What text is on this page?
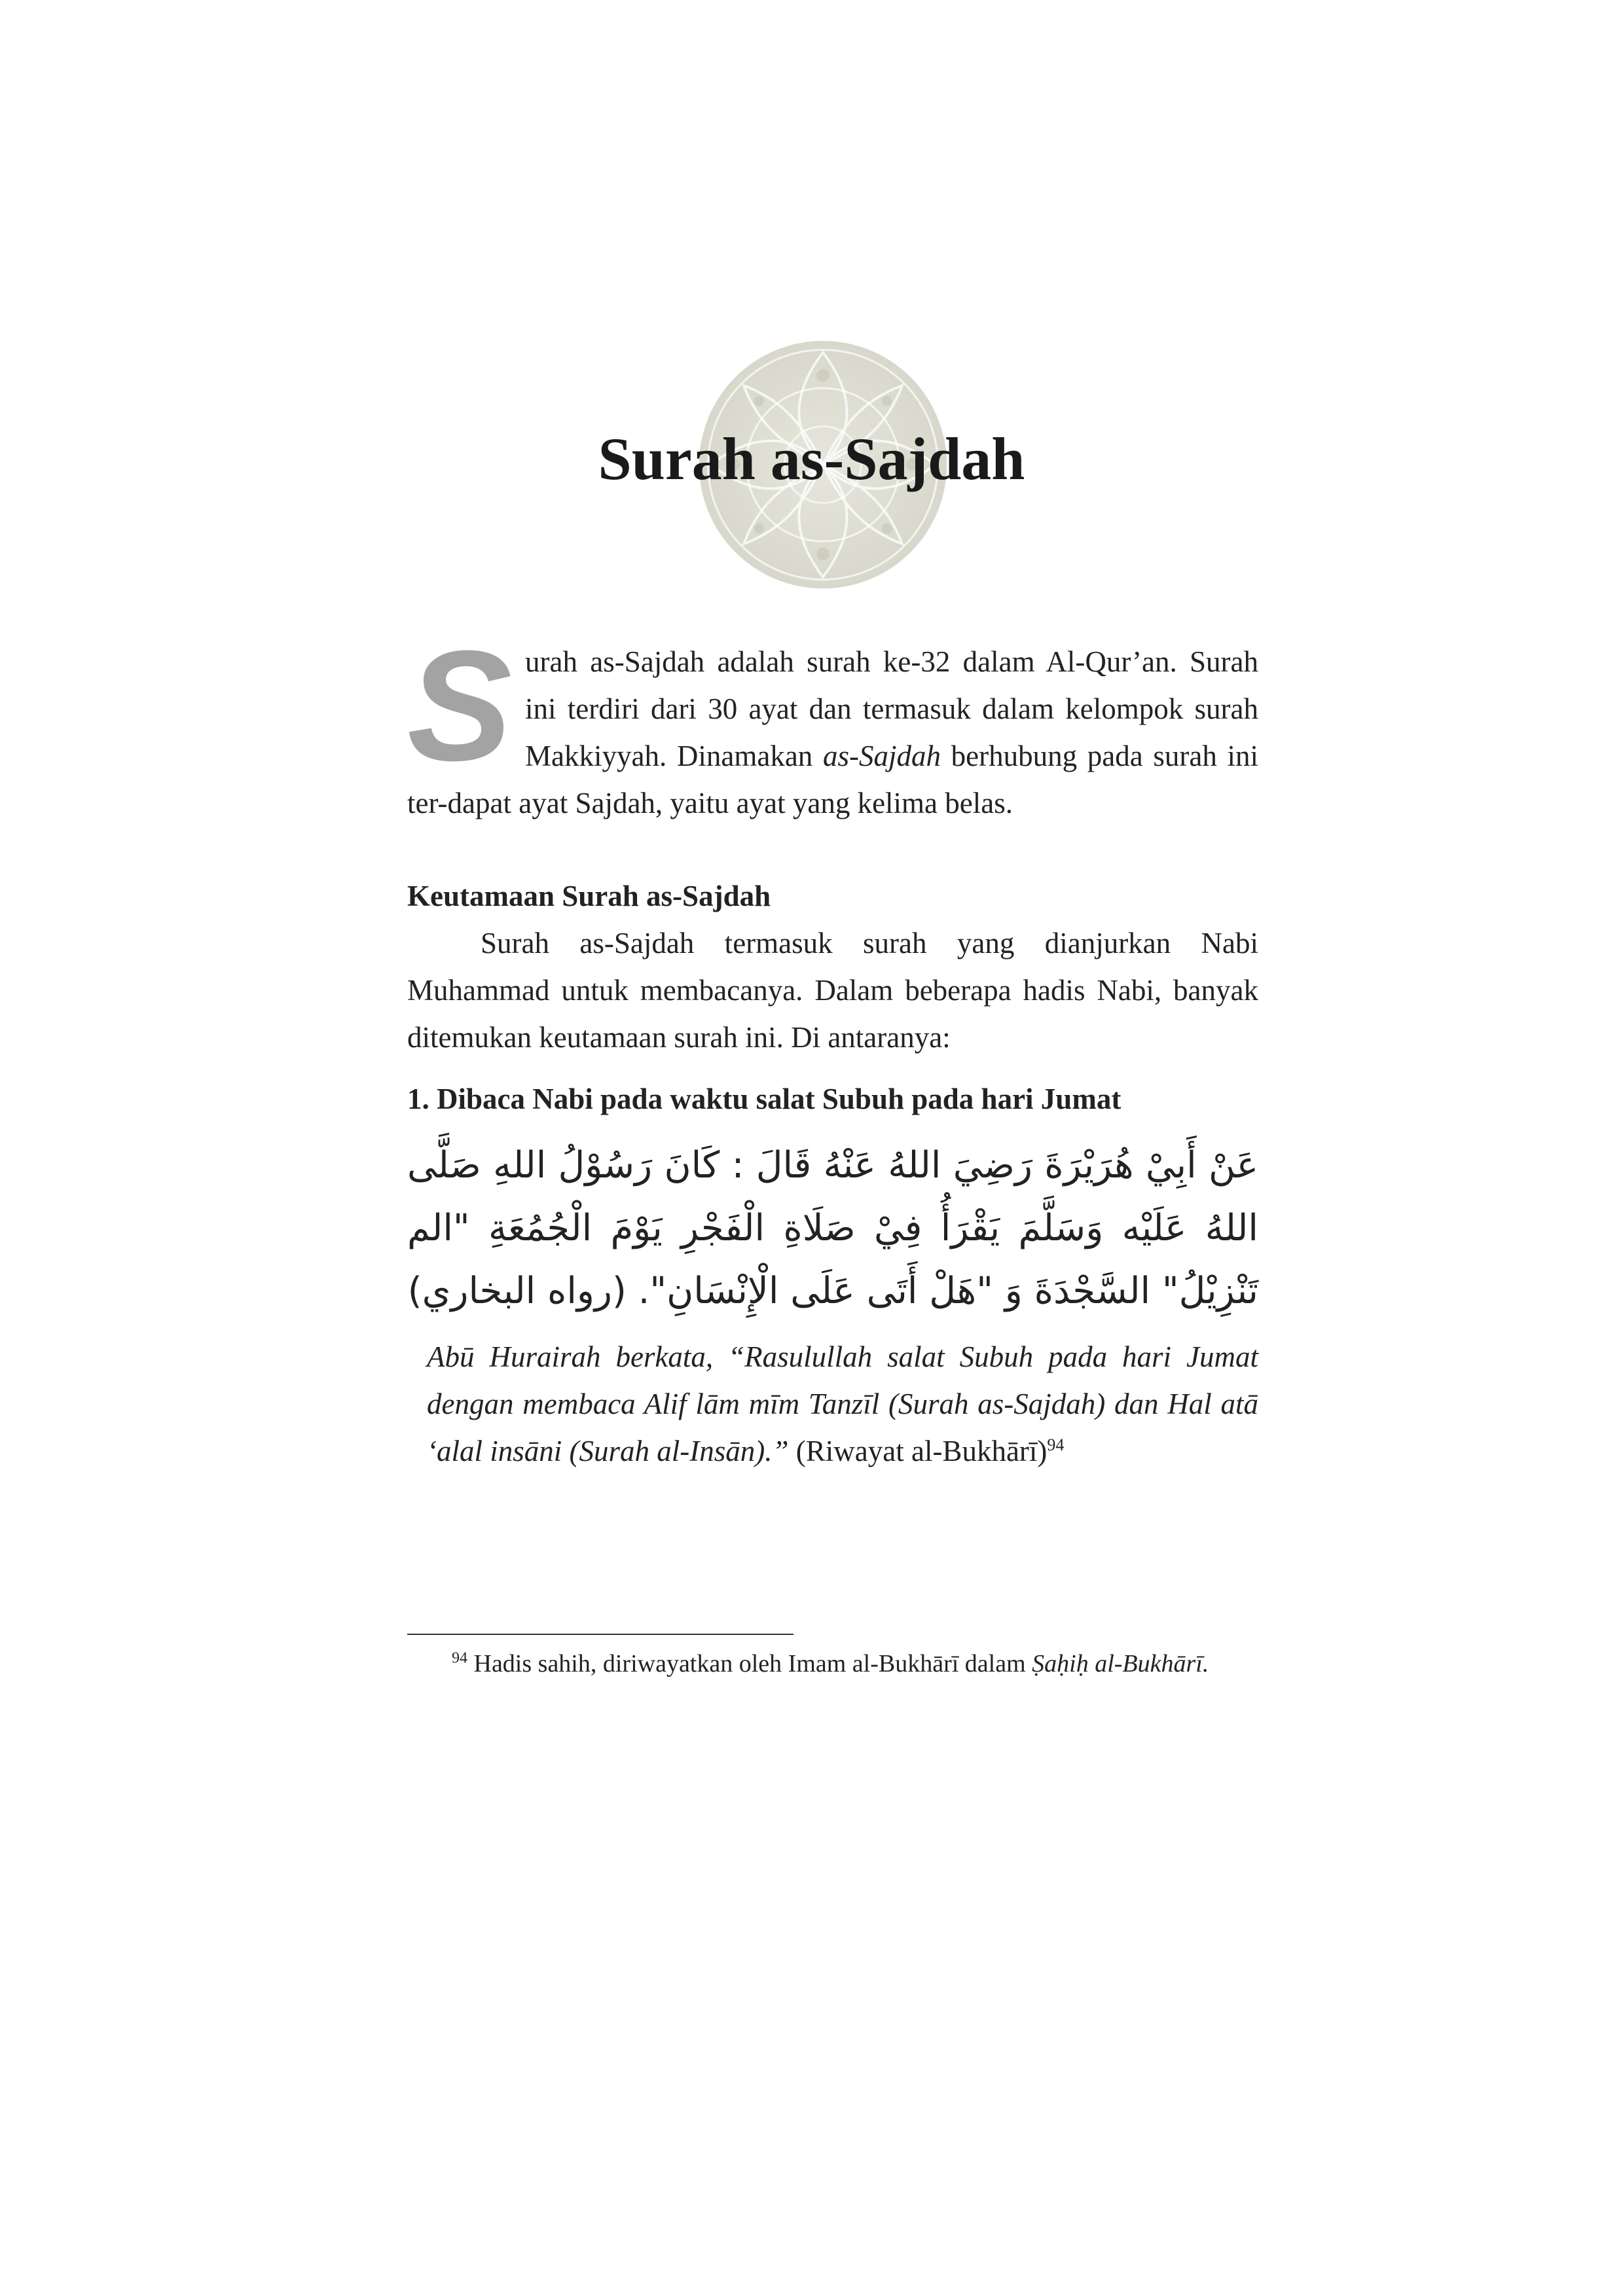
Surah as-Sajdah

Surah as-Sajdah adalah surah ke-32 dalam Al-Qur’an. Surah ini terdiri dari 30 ayat dan termasuk dalam kelompok surah Makkiyyah. Dinamakan as-Sajdah berhubung pada surah ini ter-dapat ayat Sajdah, yaitu ayat yang kelima belas.

Keutamaan Surah as-Sajdah

Surah as-Sajdah termasuk surah yang dianjurkan Nabi Muhammad untuk membacanya. Dalam beberapa hadis Nabi, banyak ditemukan keutamaan surah ini. Di antaranya:

1. Dibaca Nabi pada waktu salat Subuh pada hari Jumat

عَنْ أَبِيْ هُرَيْرَةَ رَضِيَ اللهُ عَنْهُ قَالَ : كَانَ رَسُوْلُ اللهِ صَلَّى اللهُ عَلَيْه وَسَلَّمَ يَقْرَأُ فِيْ صَلَاةِ الْفَجْرِ يَوْمَ الْجُمُعَةِ "الم تَنْزِيْلُ" السَّجْدَةَ وَ "هَلْ أَتَى عَلَى الْإِنْسَانِ". (رواه البخاري)

Abū Hurairah berkata, “Rasulullah salat Subuh pada hari Jumat dengan membaca Alif lām mīm Tanzīl (Surah as-Sajdah) dan Hal atā ‘alal insāni (Surah al-Insān).” (Riwayat al-Bukhārī)$^{94}$

$^{94}$ Hadis sahih, diriwayatkan oleh Imam al-Bukhārī dalam Ṣaḥiḥ al-Bukhārī.
